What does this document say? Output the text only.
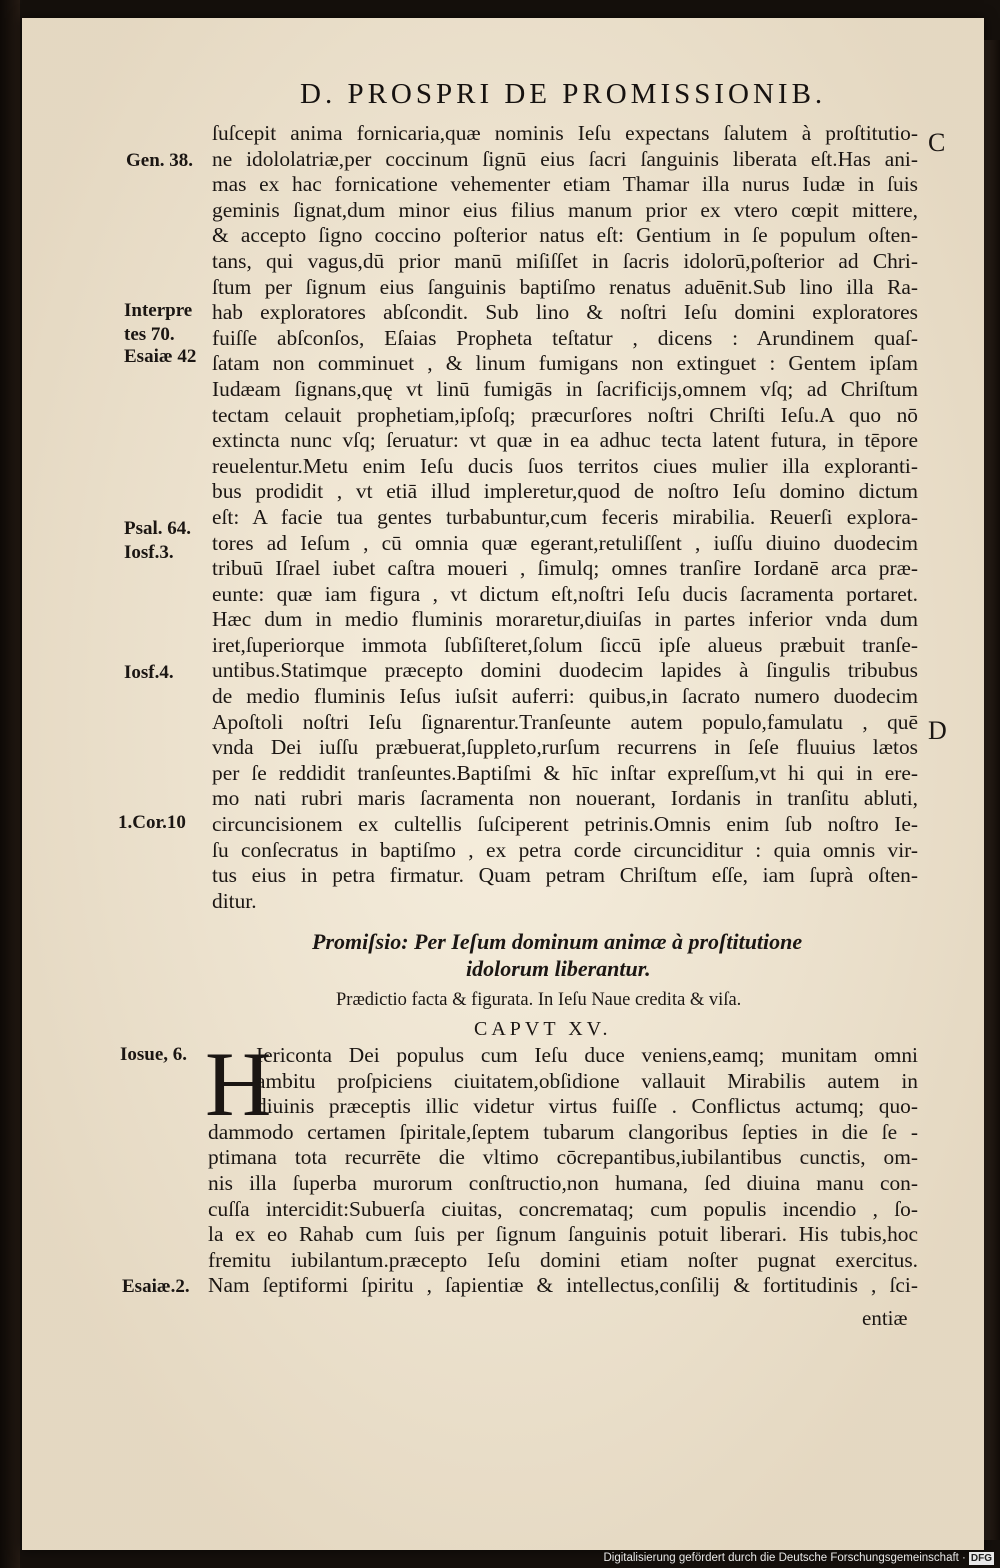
D. PROSPRI DE PROMISSIONIB.
C
D
Gen. 38.
Interpre
tes 70.
Esaiæ 42
Psal. 64.
Iosf.3.
Iosf.4.
1.Cor.10
Iosue, 6.
Esaiæ.2.
ſuſcepit anima fornicaria,quæ nominis Ieſu expectans ſalutem à proſtitutio-
ne idololatriæ,per coccinum ſignū eius ſacri ſanguinis liberata eſt.Has ani-
mas ex hac fornicatione vehementer etiam Thamar illa nurus Iudæ in ſuis
geminis ſignat,dum minor eius filius manum prior ex vtero cœpit mittere,
& accepto ſigno coccino poſterior natus eſt: Gentium in ſe populum oſten-
tans, qui vagus,dū prior manū miſiſſet in ſacris idolorū,poſterior ad Chri-
ſtum per ſignum eius ſanguinis baptiſmo renatus aduēnit.Sub lino illa Ra-
hab exploratores abſcondit. Sub lino & noſtri Ieſu domini exploratores
fuiſſe abſconſos, Eſaias Propheta teſtatur , dicens : Arundinem quaſ-
ſatam non comminuet , & linum fumigans non extinguet : Gentem ipſam
Iudæam ſignans,quę vt linū fumigās in ſacrificijs,omnem vſq; ad Chriſtum
tectam celauit prophetiam,ipſoſq; præcurſores noſtri Chriſti Ieſu.A quo nō
extincta nunc vſq; ſeruatur: vt quæ in ea adhuc tecta latent futura, in tēpore
reuelentur.Metu enim Ieſu ducis ſuos territos ciues mulier illa exploranti-
bus prodidit , vt etiā illud impleretur,quod de noſtro Ieſu domino dictum
eſt: A facie tua gentes turbabuntur,cum feceris mirabilia. Reuerſi explora-
tores ad Ieſum , cū omnia quæ egerant,retuliſſent , iuſſu diuino duodecim
tribuū Iſrael iubet caſtra moueri , ſimulq; omnes tranſire Iordanē arca præ-
eunte: quæ iam figura , vt dictum eſt,noſtri Ieſu ducis ſacramenta portaret.
Hæc dum in medio fluminis moraretur,diuiſas in partes inferior vnda dum
iret,ſuperiorque immota ſubſiſteret,ſolum ſiccū ipſe alueus præbuit tranſe-
untibus.Statimque præcepto domini duodecim lapides à ſingulis tribubus
de medio fluminis Ieſus iuſsit auferri: quibus,in ſacrato numero duodecim
Apoſtoli noſtri Ieſu ſignarentur.Tranſeunte autem populo,famulatu , quē
vnda Dei iuſſu præbuerat,ſuppleto,rurſum recurrens in ſeſe fluuius lætos
per ſe reddidit tranſeuntes.Baptiſmi & hīc inſtar expreſſum,vt hi qui in ere-
mo nati rubri maris ſacramenta non nouerant, Iordanis in tranſitu abluti,
circuncisionem ex cultellis ſuſciperent petrinis.Omnis enim ſub noſtro Ie-
ſu conſecratus in baptiſmo , ex petra corde circunciditur : quia omnis vir-
tus eius in petra firmatur. Quam petram Chriſtum eſſe, iam ſuprà oſten-
ditur.
Promiſsio: Per Ieſum dominum animæ à proſtitutione
idolorum liberantur.
Prædictio facta & figurata. In Ieſu Naue credita & viſa.
CAPVT XV.
H
Iericonta Dei populus cum Ieſu duce veniens,eamq; munitam omni
ambitu proſpiciens ciuitatem,obſidione vallauit Mirabilis autem in
diuinis præceptis illic videtur virtus fuiſſe . Conflictus actumq; quo-
dammodo certamen ſpiritale,ſeptem tubarum clangoribus ſepties in die ſe -
ptimana tota recurrēte die vltimo cōcrepantibus,iubilantibus cunctis, om-
nis illa ſuperba murorum conſtructio,non humana, ſed diuina manu con-
cuſſa intercidit:Subuerſa ciuitas, concremataq; cum populis incendio , ſo-
la ex eo Rahab cum ſuis per ſignum ſanguinis potuit liberari. His tubis,hoc
fremitu iubilantum.præcepto Ieſu domini etiam noſter pugnat exercitus.
Nam ſeptiformi ſpiritu , ſapientiæ & intellectus,conſilij & fortitudinis , ſci-
entiæ
Digitalisierung gefördert durch die Deutsche Forschungsgemeinschaft · DFG
